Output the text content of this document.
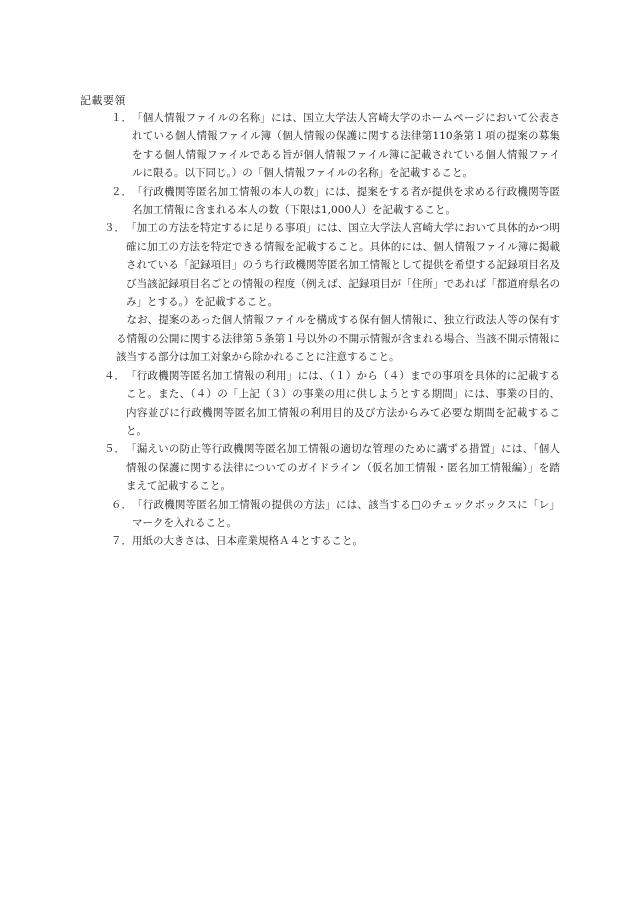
記載要領
１． 「個人情報ファイルの名称」には、国立大学法人宮崎大学のホームページにおいて公表されている個人情報ファイル簿（個人情報の保護に関する法律第110条第１項の提案の募集をする個人情報ファイルである旨が個人情報ファイル簿に記載されている個人情報ファイルに限る。以下同じ。）の「個人情報ファイルの名称」を記載すること。

２． 「行政機関等匿名加工情報の本人の数」には、提案をする者が提供を求める行政機関等匿名加工情報に含まれる本人の数（下限は1,000人）を記載すること。

３． 「加工の方法を特定するに足りる事項」には、国立大学法人宮崎大学において具体的かつ明確に加工の方法を特定できる情報を記載すること。具体的には、個人情報ファイル簿に掲載されている「記録項目」のうち行政機関等匿名加工情報として提供を希望する記録項目名及び当該記録項目名ごとの情報の程度（例えば、記録項目が「住所」であれば「都道府県名のみ」とする。）を記載すること。

なお、提案のあった個人情報ファイルを構成する保有個人情報に、独立行政法人等の保有する情報の公開に関する法律第５条第１号以外の不開示情報が含まれる場合、当該不開示情報に該当する部分は加工対象から除かれることに注意すること。

４． 「行政機関等匿名加工情報の利用」には、（１）から（４）までの事項を具体的に記載すること。また、（４）の「上記（３）の事業の用に供しようとする期間」には、事業の目的、内容並びに行政機関等匿名加工情報の利用目的及び方法からみて必要な期間を記載すること。

５． 「漏えいの防止等行政機関等匿名加工情報の適切な管理のために講ずる措置」には、「個人情報の保護に関する法律についてのガイドライン（仮名加工情報・匿名加工情報編）」を踏まえて記載すること。

６． 「行政機関等匿名加工情報の提供の方法」には、該当する□のチェックボックスに「レ」マークを入れること。

７． 用紙の大きさは、日本産業規格Ａ４とすること。
